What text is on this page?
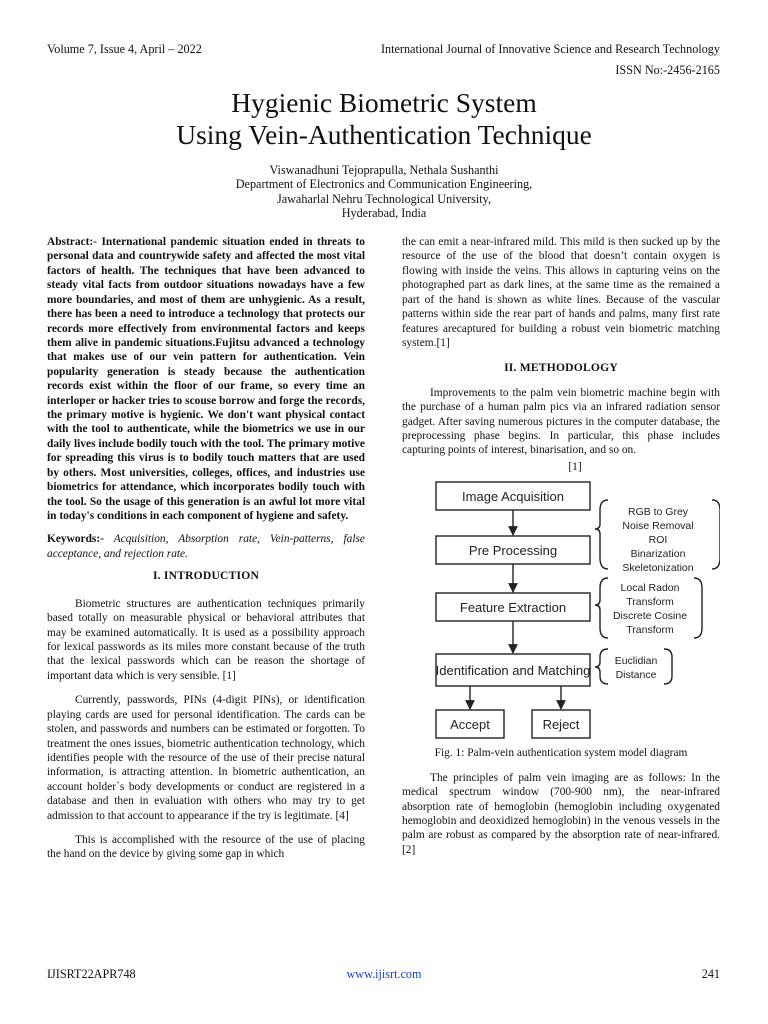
Volume 7, Issue 4, April – 2022	International Journal of Innovative Science and Research Technology
ISSN No:-2456-2165
Hygienic Biometric System
Using Vein-Authentication Technique
Viswanadhuni Tejoprapulla, Nethala Sushanthi
Department of Electronics and Communication Engineering,
Jawaharlal Nehru Technological University,
Hyderabad, India

Abstract:- International pandemic situation ended in threats to personal data and countrywide safety and affected the most vital factors of health. The techniques that have been advanced to steady vital facts from outdoor situations nowadays have a few more boundaries, and most of them are unhygienic. As a result, there has been a need to introduce a technology that protects our records more effectively from environmental factors and keeps them alive in pandemic situations.Fujitsu advanced a technology that makes use of our vein pattern for authentication. Vein popularity generation is steady because the authentication records exist within the floor of our frame, so every time an interloper or hacker tries to scouse borrow and forge the records, the primary motive is hygienic. We don't want physical contact with the tool to authenticate, while the biometrics we use in our daily lives include bodily touch with the tool. The primary motive for spreading this virus is to bodily touch matters that are used by others. Most universities, colleges, offices, and industries use biometrics for attendance, which incorporates bodily touch with the tool. So the usage of this generation is an awful lot more vital in today's conditions in each component of hygiene and safety.

Keywords:- Acquisition, Absorption rate, Vein-patterns, false acceptance, and rejection rate.

I. INTRODUCTION

Biometric structures are authentication techniques primarily based totally on measurable physical or behavioral attributes that may be examined automatically. It is used as a possibility approach for lexical passwords as its miles more constant because of the truth that the lexical passwords which can be reason the shortage of important data which is very sensible. [1]

Currently, passwords, PINs (4-digit PINs), or identification playing cards are used for personal identification. The cards can be stolen, and passwords and numbers can be estimated or forgotten. To treatment the ones issues, biometric authentication technology, which identifies people with the resource of the use of their precise natural information, is attracting attention. In biometric authentication, an account holder`s body developments or conduct are registered in a database and then in evaluation with others who may try to get admission to that account to appearance if the try is legitimate. [4]

This is accomplished with the resource of the use of placing the hand on the device by giving some gap in which

the can emit a near-infrared mild. This mild is then sucked up by the resource of the use of the blood that doesn’t contain oxygen is flowing with inside the veins. This allows in capturing veins on the photographed part as dark lines, at the same time as the remained a part of the hand is shown as white lines. Because of the vascular patterns within side the rear part of hands and palms, many first rate features arecaptured for building a robust vein biometric matching system.[1]

II. METHODOLOGY

Improvements to the palm vein biometric machine begin with the purchase of a human palm pics via an infrared radiation sensor gadget. After saving numerous pictures in the computer database, the preprocessing phase begins. In particular, this phase includes capturing points of interest, binarisation, and so on.

[1]

Image Acquisition
Pre Processing
Feature Extraction
Identification and Matching
Accept	Reject
RGB to Grey
Noise Removal
ROI
Binarization
Skeletonization
Local Radon
Transform
Discrete Cosine
Transform
Euclidian
Distance

Fig. 1: Palm-vein authentication system model diagram

The principles of palm vein imaging are as follows: In the medical spectrum window (700-900 nm), the near-infrared absorption rate of hemoglobin (hemoglobin including oxygenated hemoglobin and deoxidized hemoglobin) in the venous vessels in the palm are robust as compared by the absorption rate of near-infrared.[2]

IJISRT22APR748	www.ijisrt.com	241
